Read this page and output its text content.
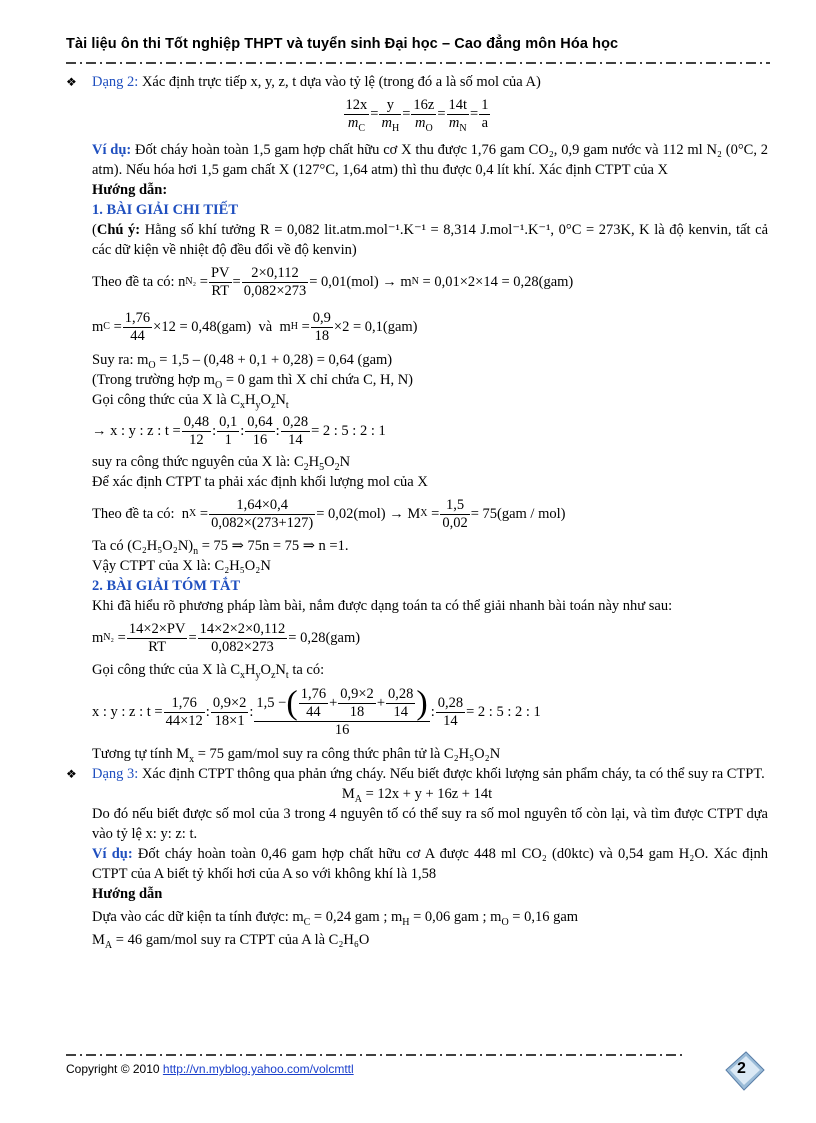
Tài liệu ôn thi Tốt nghiệp THPT và tuyển sinh Đại học – Cao đẳng môn Hóa học
❖ Dạng 2: Xác định trực tiếp x, y, z, t dựa vào tỷ lệ (trong đó a là số mol của A)
$\frac{12x}{m_C} = \frac{y}{m_H} = \frac{16z}{m_O} = \frac{14t}{m_N} = \frac{1}{a}$
Ví dụ: Đốt cháy hoàn toàn 1,5 gam hợp chất hữu cơ X thu được 1,76 gam CO₂, 0,9 gam nước và 112 ml N₂ (0°C, 2 atm). Nếu hóa hơi 1,5 gam chất X (127°C, 1,64 atm) thì thu được 0,4 lít khí. Xác định CTPT của X
Hướng dẫn:
1. BÀI GIẢI CHI TIẾT
(Chú ý: Hằng số khí tưởng R = 0,082 lit.atm.mol⁻¹.K⁻¹ = 8,314 J.mol⁻¹.K⁻¹, 0°C = 273K, K là độ kenvin, tất cả các dữ kiện về nhiệt độ đều đổi về độ kenvin)
Theo đề ta có:
n $N_2 = \frac{PV}{RT} = \frac{2\times 0,112}{0,082\times 273} = 0,01(mol) \to m$ N
= 0,01×2×14 = 0,28(gam)
m $C = \frac{1,76}{44} \times 12 = 0,48(gam)$
và
m $H = \frac{0,9}{18} \times 2 = 0,1(gam)$
Suy ra: $m_O = 1,5 - (0,48 + 0,1 + 0,28) = 0,64$ (gam)
(Trong trường hợp $m_O = 0$ gam thì X chỉ chứa C, H, N)
Gọi công thức của X là $C_xH_yO_zN_t$
→ x : y : z : $t = \frac{0,48}{12}$ : $\frac{0,1}{1}$ : $\frac{0,64}{16}$ : $\frac{0,28}{14} = 2$ : 5 : 2 : 1
suy ra công thức nguyên của X là: $C_2H_5O_2N$
Để xác định CTPT ta phải xác định khối lượng mol của X
Theo đề ta có:
n $X = \frac{1,64\times 0,4}{0,082\times(273+127)} = 0,02(mol) \to M$ $X = \frac{1,5}{0,02} = 75(gam / mol)$
Ta có $(C_2H_5O_2N)_n = 75$ ⇒ 75n = 75 ⇒ n =1.
Vậy CTPT của X là: C₂H₅O₂N
2. BÀI GIẢI TÓM TẮT
Khi đã hiểu rõ phương pháp làm bài, nắm được dạng toán ta có thể giải nhanh bài toán này như sau:
m $N_2 = \frac{14\times 2\times PV}{RT} = \frac{14\times 2\times 2\times 0,112}{0,082\times 273} = 0,28(gam)$
Gọi công thức của X là $C_xH_yO_zN_t$ ta có:
x : y : z : $t = \frac{1,76}{44\times 12}$ : $\frac{0,9\times 2}{18\times 1}$ : $\frac{1,5 -( \frac{1,76}{44} + \frac{0,9\times 2}{18} + \frac{0,28}{14} )}{16}$ : $\frac{0,28}{14} = 2$ : 5 : 2 : 1
Tương tự tính $M_x = 75$ gam/mol suy ra công thức phân tử là C₂H₅O₂N
❖ Dạng 3: Xác định CTPT thông qua phản ứng cháy. Nếu biết được khối lượng sản phẩm cháy, ta có thể suy ra CTPT.
$M_A = 12x + y + 16z + 14t$
Do đó nếu biết được số mol của 3 trong 4 nguyên tố có thể suy ra số mol nguyên tố còn lại, và tìm được CTPT dựa vào tỷ lệ x: y: z: t.
Ví dụ: Đốt cháy hoàn toàn 0,46 gam hợp chất hữu cơ A được 448 ml CO₂ (d0ktc) và 0,54 gam H₂O. Xác định CTPT của A biết tỷ khối hơi của A so với không khí là 1,58
Hướng dẫn
Dựa vào các dữ kiện ta tính được: $m_C = 0,24$ gam ; $m_H = 0,06$ gam ; $m_O = 0,16$ gam
$M_A = 46$ gam/mol suy ra CTPT của A là C₂H₆O
Copyright © 2010 http://vn.myblog.yahoo.com/volcmttl	2
